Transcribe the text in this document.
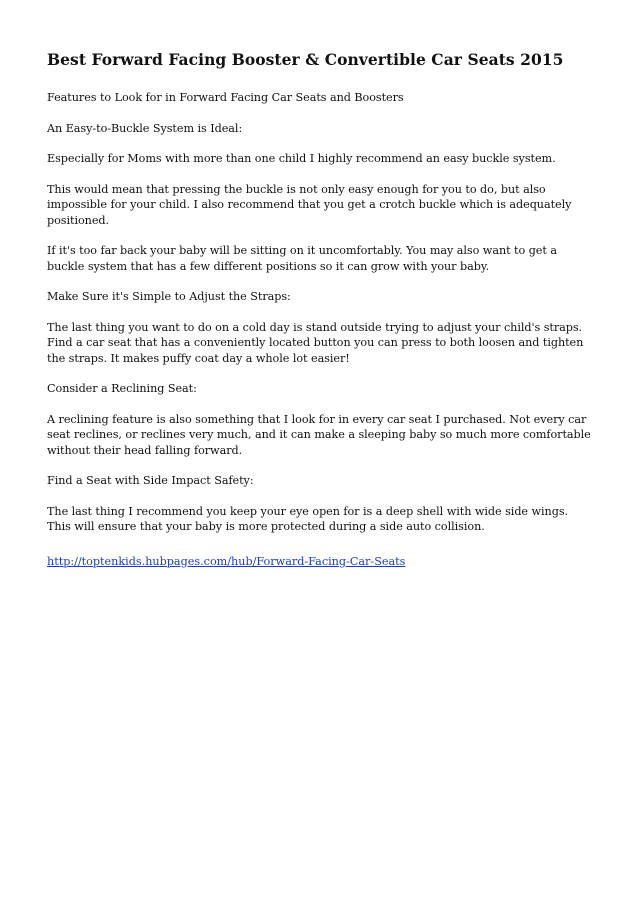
Best Forward Facing Booster & Convertible Car Seats 2015

Features to Look for in Forward Facing Car Seats and Boosters

An Easy-to-Buckle System is Ideal:

Especially for Moms with more than one child I highly recommend an easy buckle system.

This would mean that pressing the buckle is not only easy enough for you to do, but also impossible for your child. I also recommend that you get a crotch buckle which is adequately positioned.

If it's too far back your baby will be sitting on it uncomfortably. You may also want to get a buckle system that has a few different positions so it can grow with your baby.

Make Sure it's Simple to Adjust the Straps:

The last thing you want to do on a cold day is stand outside trying to adjust your child's straps. Find a car seat that has a conveniently located button you can press to both loosen and tighten the straps. It makes puffy coat day a whole lot easier!

Consider a Reclining Seat:

A reclining feature is also something that I look for in every car seat I purchased. Not every car seat reclines, or reclines very much, and it can make a sleeping baby so much more comfortable without their head falling forward.

Find a Seat with Side Impact Safety:

The last thing I recommend you keep your eye open for is a deep shell with wide side wings. This will ensure that your baby is more protected during a side auto collision.

http://toptenkids.hubpages.com/hub/Forward-Facing-Car-Seats
